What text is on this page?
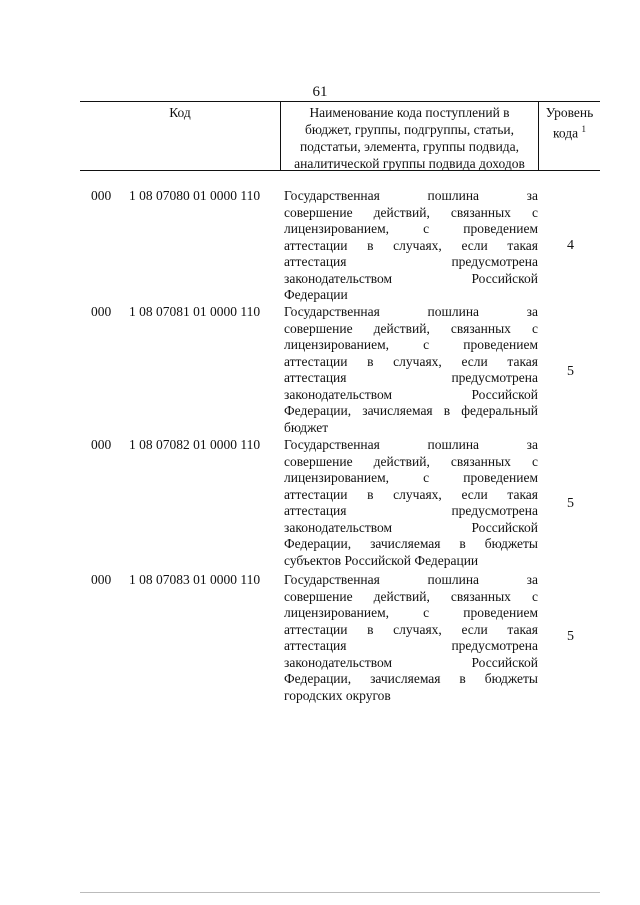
61
Код	Наименование кода поступлений в
бюджет, группы, подгруппы, статьи,
подстатьи, элемента, группы подвида,
аналитической группы подвида доходов
Уровень
кода $^1$
000 1 08 07080 01 0000 110 Государственная пошлина за
совершение действий, связанных с
лицензированием, с проведением
аттестации в случаях, если такая
аттестация предусмотрена
законодательством Российской
Федерации
4
000 1 08 07081 01 0000 110 Государственная пошлина за
совершение действий, связанных с
лицензированием, с проведением
аттестации в случаях, если такая
аттестация предусмотрена
законодательством Российской
Федерации, зачисляемая в федеральный
бюджет
5
000 1 08 07082 01 0000 110 Государственная пошлина за
совершение действий, связанных с
лицензированием, с проведением
аттестации в случаях, если такая
аттестация предусмотрена
законодательством Российской
Федерации, зачисляемая в бюджеты
субъектов Российской Федерации
5
000 1 08 07083 01 0000 110 Государственная пошлина за
совершение действий, связанных с
лицензированием, с проведением
аттестации в случаях, если такая
аттестация предусмотрена
законодательством Российской
Федерации, зачисляемая в бюджеты
городских округов
5
